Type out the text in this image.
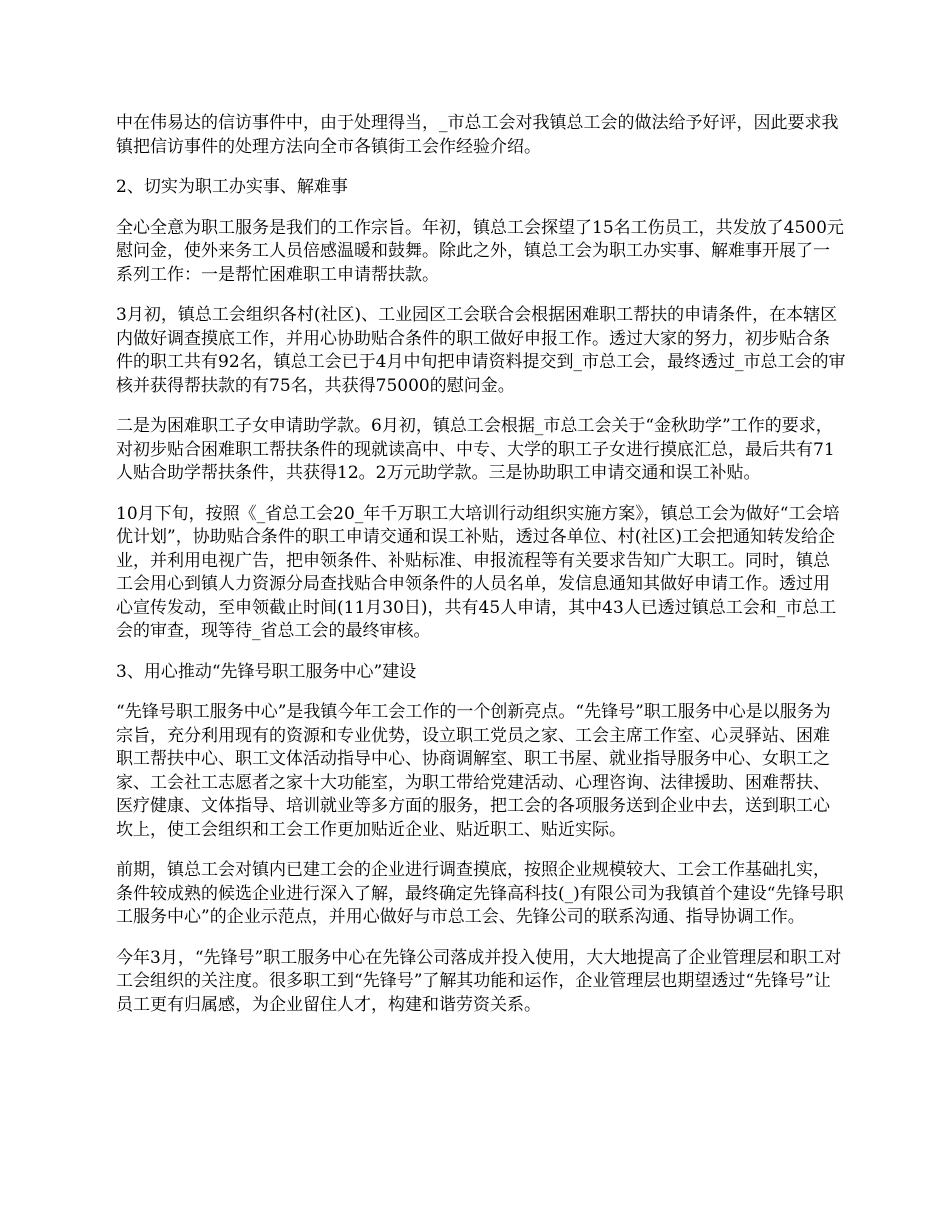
中在伟易达的信访事件中，由于处理得当，_市总工会对我镇总工会的做法给予好评，因此要求我镇把信访事件的处理方法向全市各镇街工会作经验介绍。

2、切实为职工办实事、解难事

全心全意为职工服务是我们的工作宗旨。年初，镇总工会探望了15名工伤员工，共发放了4500元慰问金，使外来务工人员倍感温暖和鼓舞。除此之外，镇总工会为职工办实事、解难事开展了一系列工作：一是帮忙困难职工申请帮扶款。

3月初，镇总工会组织各村(社区)、工业园区工会联合会根据困难职工帮扶的申请条件，在本辖区内做好调查摸底工作，并用心协助贴合条件的职工做好申报工作。透过大家的努力，初步贴合条件的职工共有92名，镇总工会已于4月中旬把申请资料提交到_市总工会，最终透过_市总工会的审核并获得帮扶款的有75名，共获得75000的慰问金。

二是为困难职工子女申请助学款。6月初，镇总工会根据_市总工会关于“金秋助学”工作的要求，对初步贴合困难职工帮扶条件的现就读高中、中专、大学的职工子女进行摸底汇总，最后共有71人贴合助学帮扶条件，共获得12。2万元助学款。三是协助职工申请交通和误工补贴。

10月下旬，按照《_省总工会20_年千万职工大培训行动组织实施方案》，镇总工会为做好“工会培优计划”，协助贴合条件的职工申请交通和误工补贴，透过各单位、村(社区)工会把通知转发给企业，并利用电视广告，把申领条件、补贴标准、申报流程等有关要求告知广大职工。同时，镇总工会用心到镇人力资源分局查找贴合申领条件的人员名单，发信息通知其做好申请工作。透过用心宣传发动，至申领截止时间(11月30日)，共有45人申请，其中43人已透过镇总工会和_市总工会的审查，现等待_省总工会的最终审核。

3、用心推动“先锋号职工服务中心”建设

“先锋号职工服务中心”是我镇今年工会工作的一个创新亮点。“先锋号”职工服务中心是以服务为宗旨，充分利用现有的资源和专业优势，设立职工党员之家、工会主席工作室、心灵驿站、困难职工帮扶中心、职工文体活动指导中心、协商调解室、职工书屋、就业指导服务中心、女职工之家、工会社工志愿者之家十大功能室，为职工带给党建活动、心理咨询、法律援助、困难帮扶、医疗健康、文体指导、培训就业等多方面的服务，把工会的各项服务送到企业中去，送到职工心坎上，使工会组织和工会工作更加贴近企业、贴近职工、贴近实际。

前期，镇总工会对镇内已建工会的企业进行调查摸底，按照企业规模较大、工会工作基础扎实，条件较成熟的候选企业进行深入了解，最终确定先锋高科技(_)有限公司为我镇首个建设“先锋号职工服务中心”的企业示范点，并用心做好与市总工会、先锋公司的联系沟通、指导协调工作。

今年3月，“先锋号”职工服务中心在先锋公司落成并投入使用，大大地提高了企业管理层和职工对工会组织的关注度。很多职工到“先锋号”了解其功能和运作，企业管理层也期望透过“先锋号”让员工更有归属感，为企业留住人才，构建和谐劳资关系。
